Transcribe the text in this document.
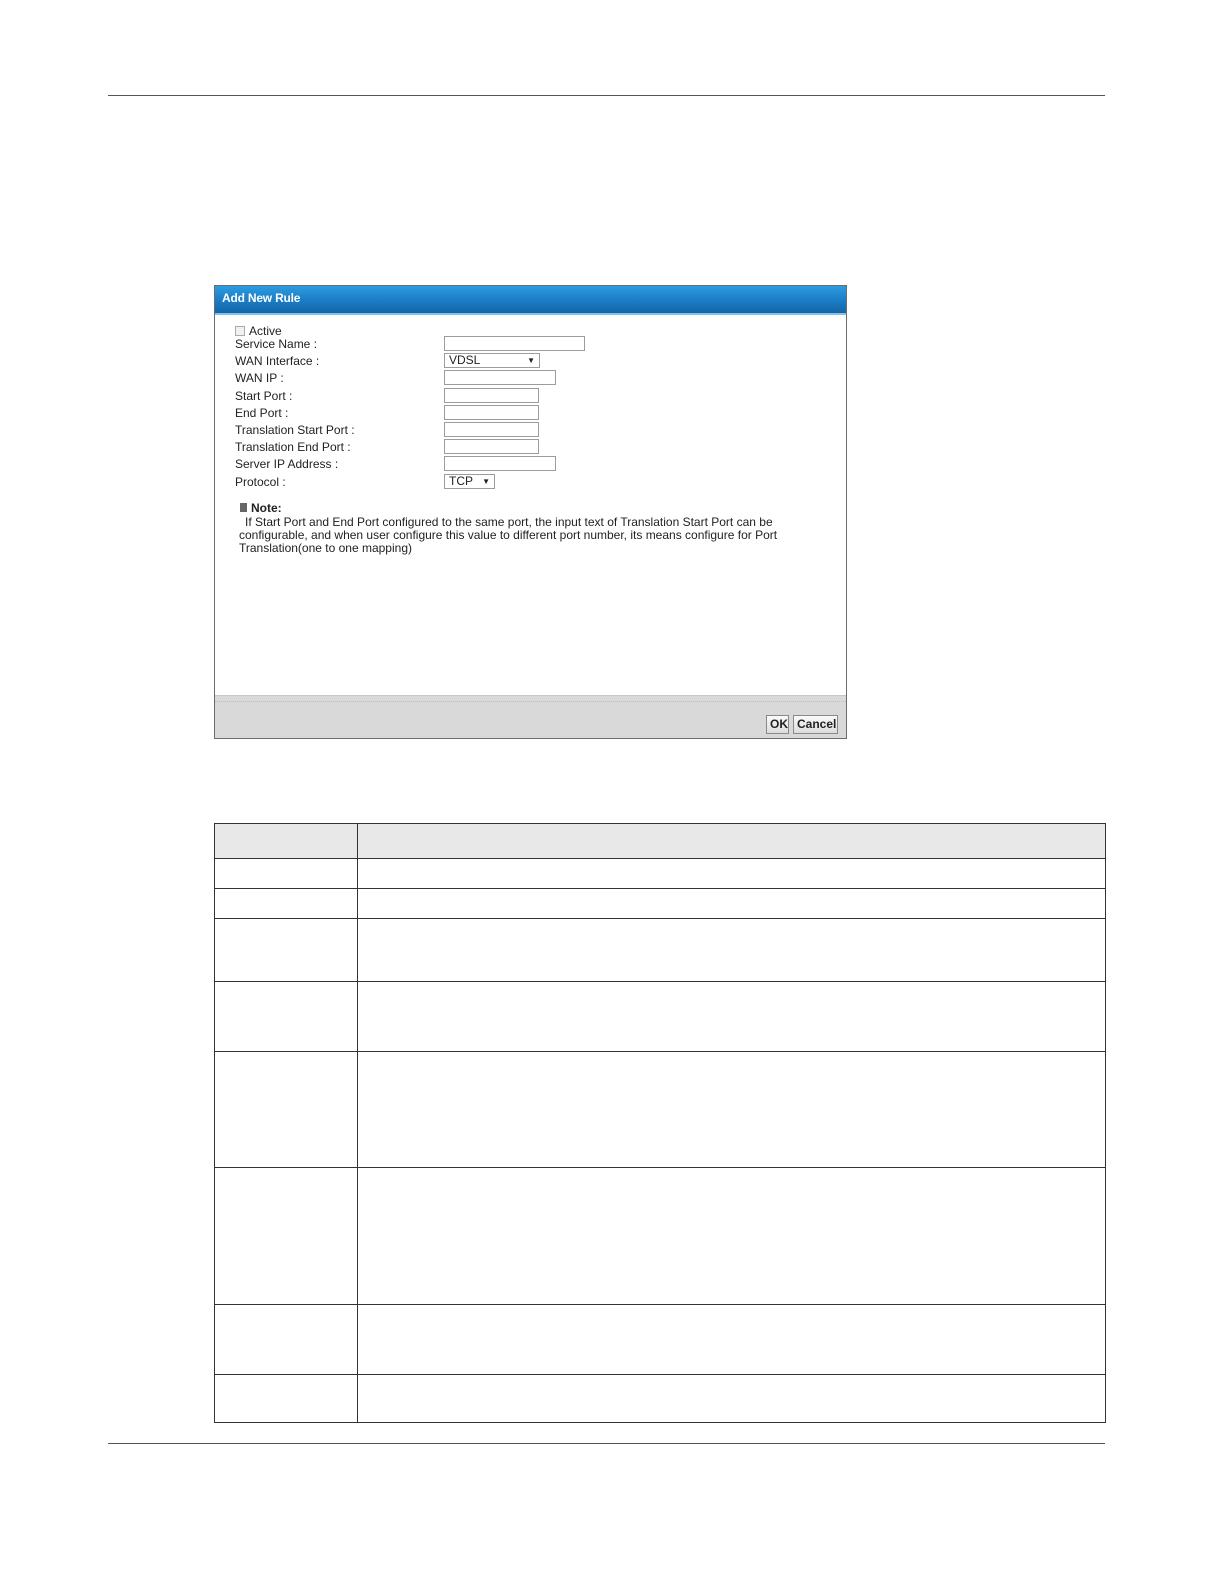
Add New Rule
Active
Service Name :
WAN Interface :	VDSL	▼
WAN IP :
Start Port :
End Port :
Translation Start Port :
Translation End Port :
Server IP Address :
Protocol :	TCP ▼
Note:
If Start Port and End Port configured to the same port, the input text of Translation Start Port can be configurable, and when user configure this value to different port number, its means configure for Port Translation(one to one mapping)
OK Cancel
